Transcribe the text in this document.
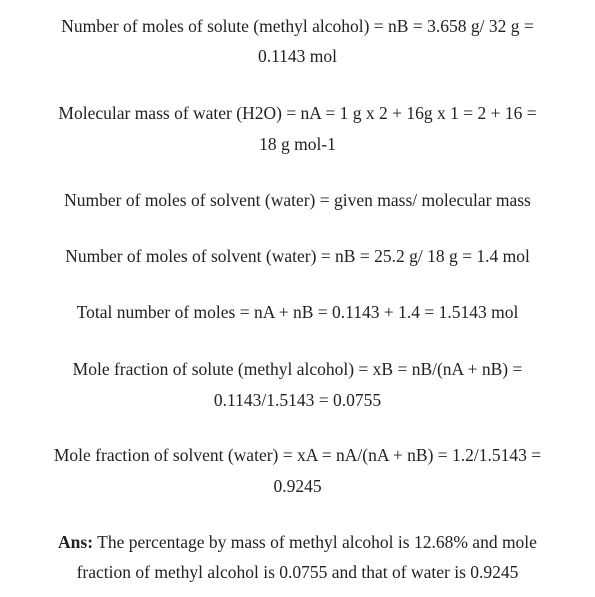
Number of moles of solute (methyl alcohol) = nB = 3.658 g/ 32 g =
0.1143 mol
Molecular mass of water (H2O) = nA = 1 g x 2 + 16g x 1 = 2 + 16 =
18 g mol-1
Number of moles of solvent (water) = given mass/ molecular mass
Number of moles of solvent (water) = nB = 25.2 g/ 18 g = 1.4 mol
Total number of moles = nA + nB = 0.1143 + 1.4 = 1.5143 mol
Mole fraction of solute (methyl alcohol) = xB = nB/(nA + nB) =
0.1143/1.5143 = 0.0755
Mole fraction of solvent (water) = xA = nA/(nA + nB) = 1.2/1.5143 =
0.9245
Ans: The percentage by mass of methyl alcohol is 12.68% and mole
fraction of methyl alcohol is 0.0755 and that of water is 0.9245
